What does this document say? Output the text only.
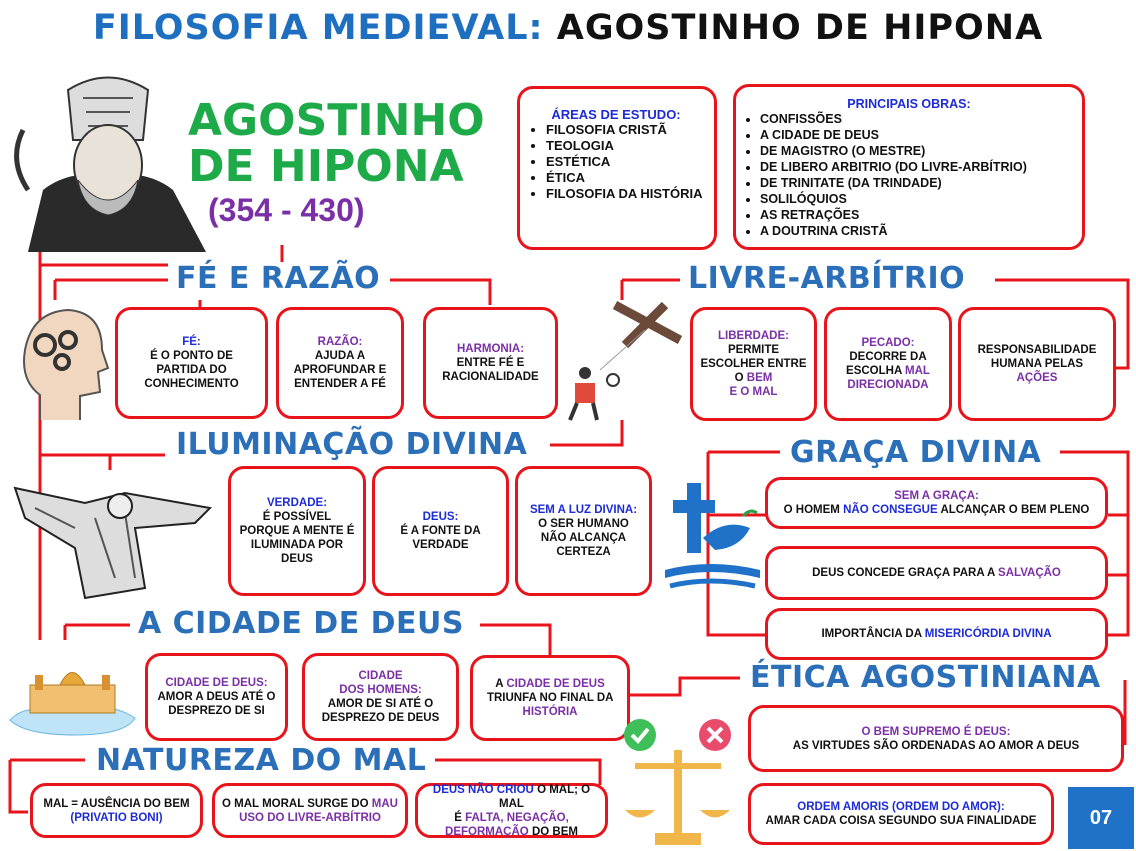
FILOSOFIA MEDIEVAL: AGOSTINHO DE HIPONA
AGOSTINHO
DE HIPONA
(354 - 430)
ÁREAS DE ESTUDO:
• FILOSOFIA CRISTÃ
• TEOLOGIA
• ESTÉTICA
• ÉTICA
• FILOSOFIA DA HISTÓRIA
PRINCIPAIS OBRAS:
• CONFISSÕES
• A CIDADE DE DEUS
• DE MAGISTRO (O MESTRE)
• DE LIBERO ARBITRIO (DO LIVRE-ARBÍTRIO)
• DE TRINITATE (DA TRINDADE)
• SOLILÓQUIOS
• AS RETRAÇÕES
• A DOUTRINA CRISTÃ
FÉ E RAZÃO
FÉ:
É O PONTO DE PARTIDA DO CONHECIMENTO
RAZÃO:
AJUDA A APROFUNDAR E ENTENDER A FÉ
HARMONIA:
ENTRE FÉ E RACIONALIDADE
LIVRE-ARBÍTRIO
LIBERDADE:
PERMITE ESCOLHER ENTRE O BEM
E O MAL
PECADO:
DECORRE DA ESCOLHA MAL
DIRECIONADA
RESPONSABILIDADE HUMANA PELAS
AÇÕES
ILUMINAÇÃO DIVINA
VERDADE:
É POSSÍVEL PORQUE A MENTE É ILUMINADA POR DEUS
DEUS:
É A FONTE DA VERDADE
SEM A LUZ DIVINA:
O SER HUMANO NÃO ALCANÇA CERTEZA
GRAÇA DIVINA
SEM A GRAÇA:
O HOMEM NÃO CONSEGUE ALCANÇAR O BEM PLENO
DEUS CONCEDE GRAÇA PARA A SALVAÇÃO
IMPORTÂNCIA DA MISERICÓRDIA DIVINA
A CIDADE DE DEUS
CIDADE DE DEUS:
AMOR A DEUS ATÉ O DESPREZO DE SI
CIDADE
DOS HOMENS:
AMOR DE SI ATÉ O DESPREZO DE DEUS
A CIDADE DE DEUS
TRIUNFA NO FINAL DA HISTÓRIA
ÉTICA AGOSTINIANA
O BEM SUPREMO É DEUS:
AS VIRTUDES SÃO ORDENADAS AO AMOR A DEUS
ORDEM AMORIS (ORDEM DO AMOR):
AMAR CADA COISA SEGUNDO SUA FINALIDADE
NATUREZA DO MAL
MAL = AUSÊNCIA DO BEM
(PRIVATIO BONI)
O MAL MORAL SURGE DO MAU
USO DO LIVRE-ARBÍTRIO
DEUS NÃO CRIOU O MAL; O MAL
É FALTA, NEGAÇÃO, DEFORMAÇÃO DO BEM
07
